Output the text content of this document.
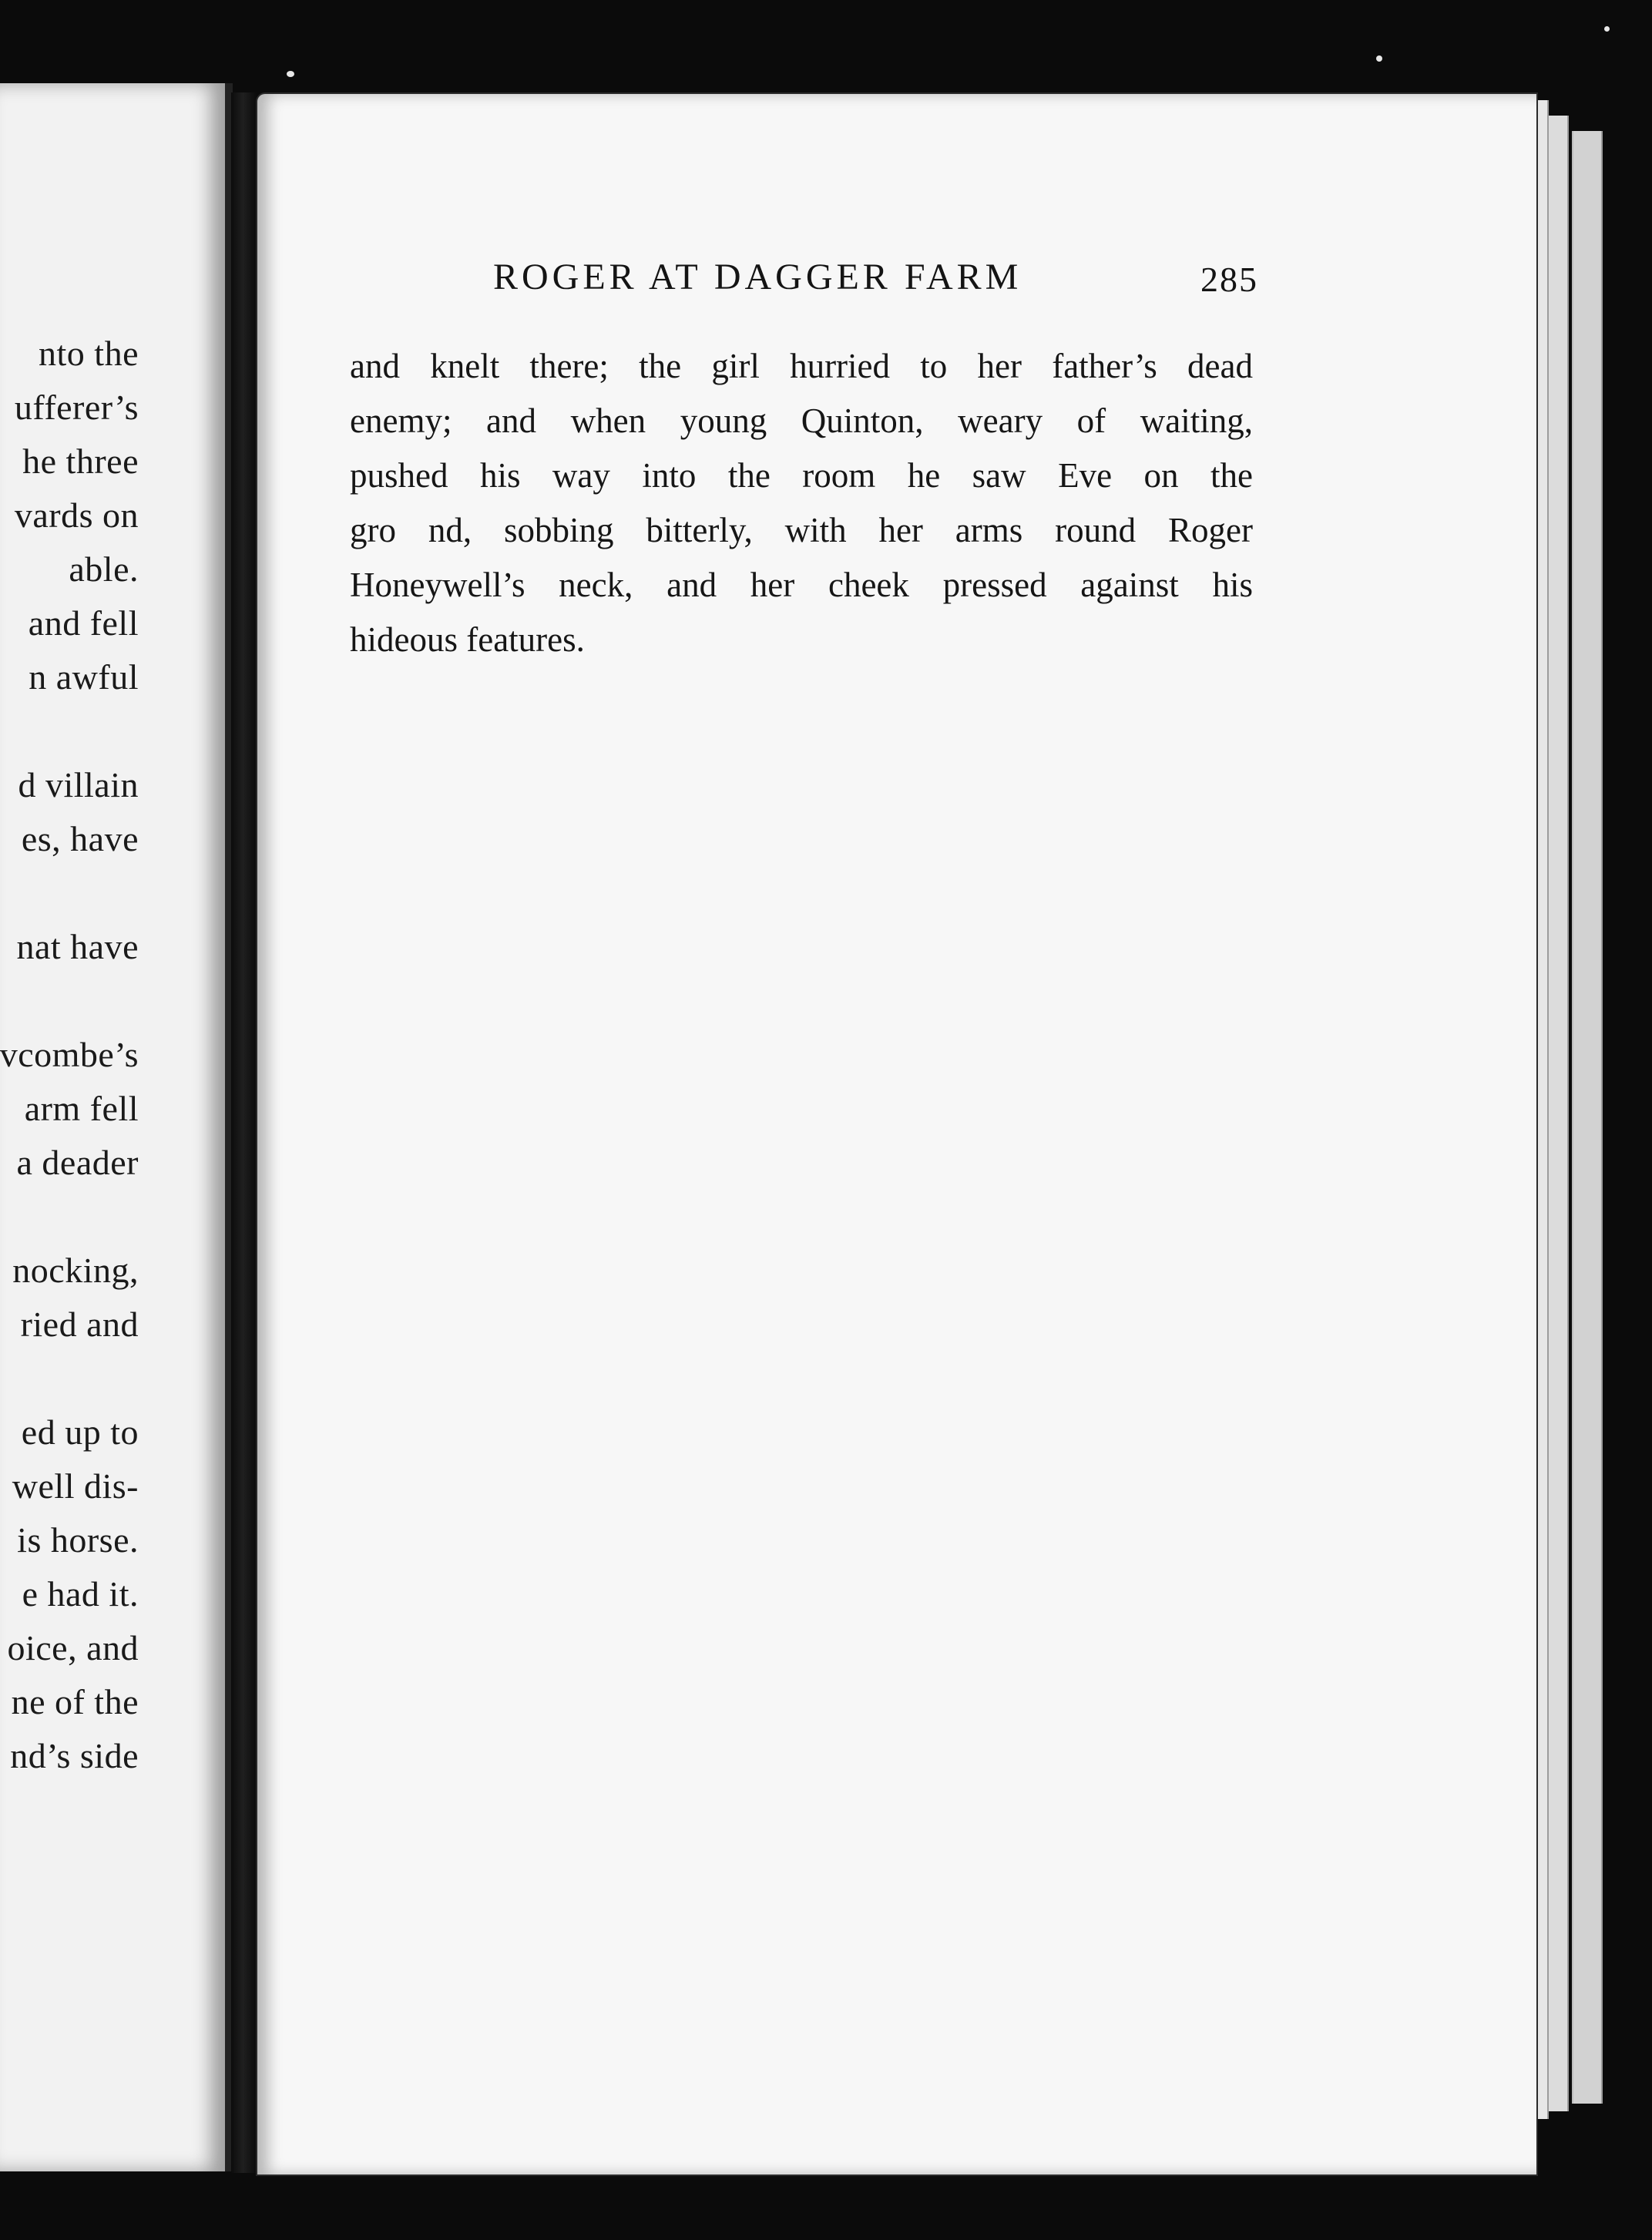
nto the
ufferer’s
he three
vards on
able.
and fell
n awful
d villain
es, have
nat have
vcombe’s
arm fell
a deader
nocking,
ried and
ed up to
well dis-
is horse.
e had it.
oice, and
ne of the
nd’s side
ROGER AT DAGGER FARM	285
and knelt there; the girl hurried to her father’s dead
enemy; and when young Quinton, weary of waiting,
pushed his way into the room he saw Eve on the
gro nd, sobbing bitterly, with her arms round Roger
Honeywell’s neck, and her cheek pressed against his
hideous features.
